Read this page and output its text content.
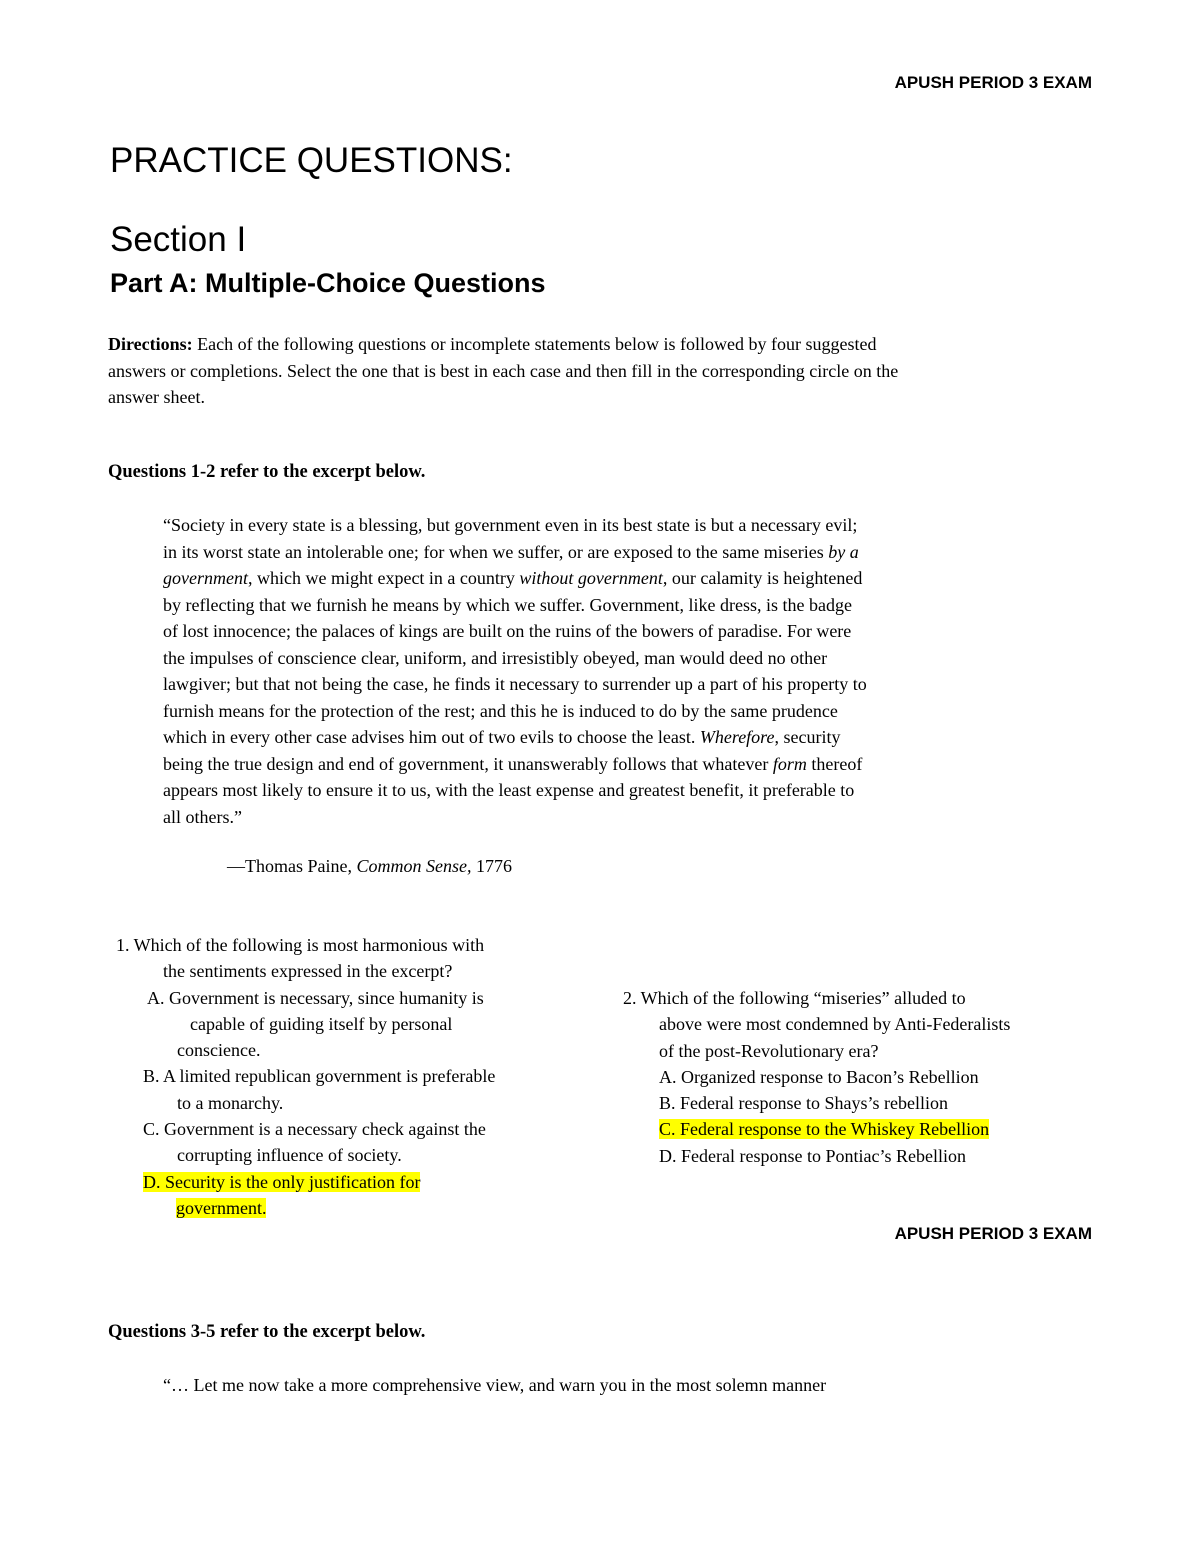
APUSH PERIOD 3 EXAM
PRACTICE QUESTIONS:
Section I
Part A: Multiple-Choice Questions
Directions: Each of the following questions or incomplete statements below is followed by four suggested
answers or completions. Select the one that is best in each case and then fill in the corresponding circle on the
answer sheet.
Questions 1-2 refer to the excerpt below.
“Society in every state is a blessing, but government even in its best state is but a necessary evil;
in its worst state an intolerable one; for when we suffer, or are exposed to the same miseries by a
government, which we might expect in a country without government, our calamity is heightened
by reflecting that we furnish he means by which we suffer. Government, like dress, is the badge
of lost innocence; the palaces of kings are built on the ruins of the bowers of paradise. For were
the impulses of conscience clear, uniform, and irresistibly obeyed, man would deed no other
lawgiver; but that not being the case, he finds it necessary to surrender up a part of his property to
furnish means for the protection of the rest; and this he is induced to do by the same prudence
which in every other case advises him out of two evils to choose the least. Wherefore, security
being the true design and end of government, it unanswerably follows that whatever form thereof
appears most likely to ensure it to us, with the least expense and greatest benefit, it preferable to
all others.”
—Thomas Paine, Common Sense, 1776
1. Which of the following is most harmonious with
the sentiments expressed in the excerpt?
A. Government is necessary, since humanity is
capable of guiding itself by personal
conscience.
B. A limited republican government is preferable
to a monarchy.
C. Government is a necessary check against the
corrupting influence of society.
D. Security is the only justification for
government.
2. Which of the following “miseries” alluded to
above were most condemned by Anti-Federalists
of the post-Revolutionary era?
A. Organized response to Bacon’s Rebellion
B. Federal response to Shays’s rebellion
C. Federal response to the Whiskey Rebellion
D. Federal response to Pontiac’s Rebellion
APUSH PERIOD 3 EXAM
Questions 3-5 refer to the excerpt below.
“… Let me now take a more comprehensive view, and warn you in the most solemn manner
